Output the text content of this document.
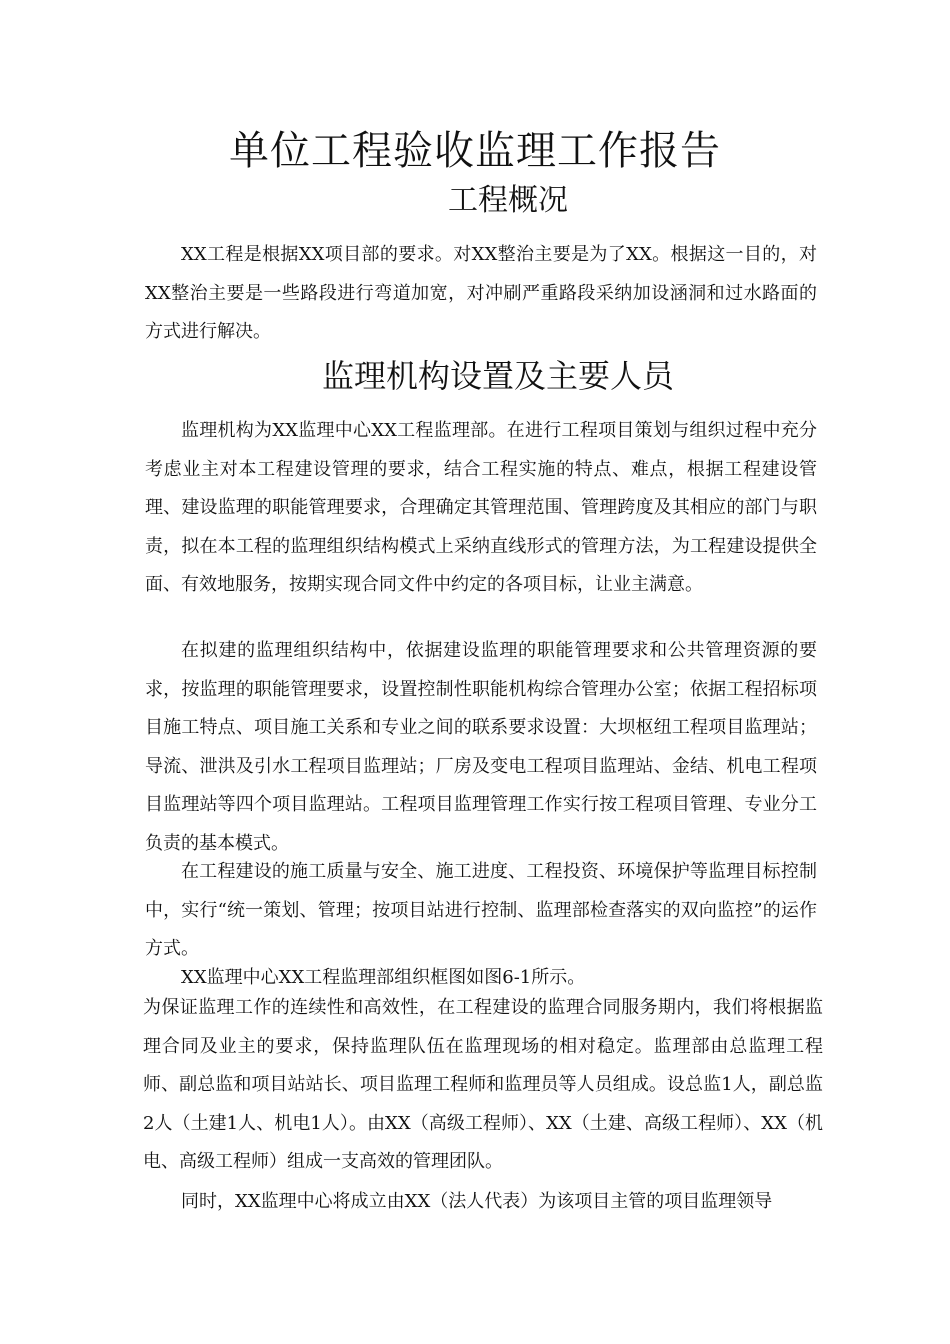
单位工程验收监理工作报告
工程概况

XX工程是根据XX项目部的要求。对XX整治主要是为了XX。根据这一目的，对XX整治主要是一些路段进行弯道加宽，对冲刷严重路段采纳加设涵洞和过水路面的方式进行解决。

监理机构设置及主要人员

监理机构为XX监理中心XX工程监理部。在进行工程项目策划与组织过程中充分考虑业主对本工程建设管理的要求，结合工程实施的特点、难点，根据工程建设管理、建设监理的职能管理要求，合理确定其管理范围、管理跨度及其相应的部门与职责，拟在本工程的监理组织结构模式上采纳直线形式的管理方法，为工程建设提供全面、有效地服务，按期实现合同文件中约定的各项目标，让业主满意。

在拟建的监理组织结构中，依据建设监理的职能管理要求和公共管理资源的要求，按监理的职能管理要求，设置控制性职能机构综合管理办公室；依据工程招标项目施工特点、项目施工关系和专业之间的联系要求设置：大坝枢纽工程项目监理站；导流、泄洪及引水工程项目监理站；厂房及变电工程项目监理站、金结、机电工程项目监理站等四个项目监理站。工程项目监理管理工作实行按工程项目管理、专业分工负责的基本模式。

在工程建设的施工质量与安全、施工进度、工程投资、环境保护等监理目标控制中，实行“统一策划、管理；按项目站进行控制、监理部检查落实的双向监控”的运作方式。

XX监理中心XX工程监理部组织框图如图6-1所示。

为保证监理工作的连续性和高效性，在工程建设的监理合同服务期内，我们将根据监理合同及业主的要求，保持监理队伍在监理现场的相对稳定。监理部由总监理工程师、副总监和项目站站长、项目监理工程师和监理员等人员组成。设总监1人，副总监2人（土建1人、机电1人）。由XX（高级工程师）、XX（土建、高级工程师）、XX（机电、高级工程师）组成一支高效的管理团队。

同时，XX监理中心将成立由XX（法人代表）为该项目主管的项目监理领导
